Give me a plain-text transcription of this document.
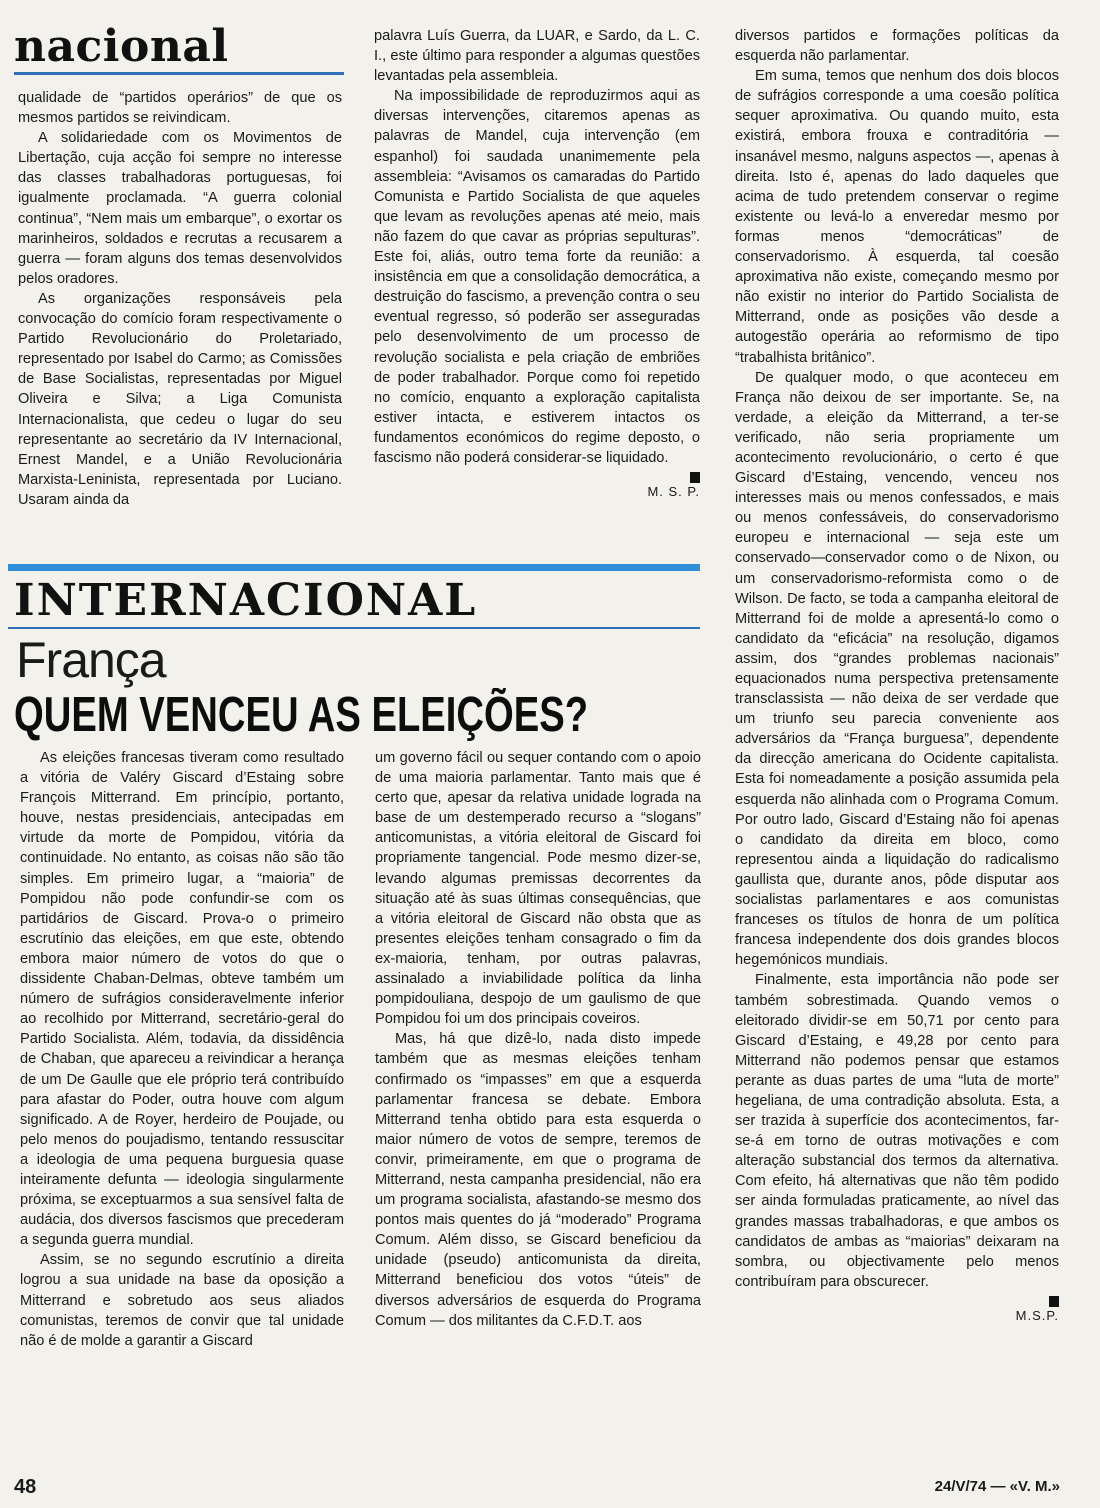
nacional

qualidade de “partidos operários” de que os mesmos partidos se reivindicam.

A solidariedade com os Movimentos de Libertação, cuja acção foi sempre no interesse das classes trabalhadoras portuguesas, foi igualmente proclamada. “A guerra colonial continua”, “Nem mais um embarque”, o exortar os marinheiros, soldados e recrutas a recusarem a guerra — foram alguns dos temas desenvolvidos pelos oradores.

As organizações responsáveis pela convocação do comício foram respectivamente o Partido Revolucionário do Proletariado, representado por Isabel do Carmo; as Comissões de Base Socialistas, representadas por Miguel Oliveira e Silva; a Liga Comunista Internacionalista, que cedeu o lugar do seu representante ao secretário da IV Internacional, Ernest Mandel, e a União Revolucionária Marxista-Leninista, representada por Luciano. Usaram ainda da

palavra Luís Guerra, da LUAR, e Sardo, da L. C. I., este último para responder a algumas questões levantadas pela assembleia.

Na impossibilidade de reproduzirmos aqui as diversas intervenções, citaremos apenas as palavras de Mandel, cuja intervenção (em espanhol) foi saudada unanimemente pela assembleia: “Avisamos os camaradas do Partido Comunista e Partido Socialista de que aqueles que levam as revoluções apenas até meio, mais não fazem do que cavar as próprias sepulturas”. Este foi, aliás, outro tema forte da reunião: a insistência em que a consolidação democrática, a destruição do fascismo, a prevenção contra o seu eventual regresso, só poderão ser asseguradas pelo desenvolvimento de um processo de revolução socialista e pela criação de embriões de poder trabalhador. Porque como foi repetido no comício, enquanto a exploração capitalista estiver intacta, e estiverem intactos os fundamentos económicos do regime deposto, o fascismo não poderá considerar-se liquidado.

M. S. P.
INTERNACIONAL
França
QUEM VENCEU AS ELEIÇÕES?

As eleições francesas tiveram como resultado a vitória de Valéry Giscard d’Estaing sobre François Mitterrand. Em princípio, portanto, houve, nestas presidenciais, antecipadas em virtude da morte de Pompidou, vitória da continuidade. No entanto, as coisas não são tão simples. Em primeiro lugar, a “maioria” de Pompidou não pode confundir-se com os partidários de Giscard. Prova-o o primeiro escrutínio das eleições, em que este, obtendo embora maior número de votos do que o dissidente Chaban-Delmas, obteve também um número de sufrágios consideravelmente inferior ao recolhido por Mitterrand, secretário-geral do Partido Socialista. Além, todavia, da dissidência de Chaban, que apareceu a reivindicar a herança de um De Gaulle que ele próprio terá contribuído para afastar do Poder, outra houve com algum significado. A de Royer, herdeiro de Poujade, ou pelo menos do poujadismo, tentando ressuscitar a ideologia de uma pequena burguesia quase inteiramente defunta — ideologia singularmente próxima, se exceptuarmos a sua sensível falta de audácia, dos diversos fascismos que precederam a segunda guerra mundial.

Assim, se no segundo escrutínio a direita logrou a sua unidade na base da oposição a Mitterrand e sobretudo aos seus aliados comunistas, teremos de convir que tal unidade não é de molde a garantir a Giscard

um governo fácil ou sequer contando com o apoio de uma maioria parlamentar. Tanto mais que é certo que, apesar da relativa unidade lograda na base de um destemperado recurso a “slogans” anticomunistas, a vitória eleitoral de Giscard foi propriamente tangencial. Pode mesmo dizer-se, levando algumas premissas decorrentes da situação até às suas últimas consequências, que a vitória eleitoral de Giscard não obsta que as presentes eleições tenham consagrado o fim da ex-maioria, tenham, por outras palavras, assinalado a inviabilidade política da linha pompidouliana, despojo de um gaulismo de que Pompidou foi um dos principais coveiros.

Mas, há que dizê-lo, nada disto impede também que as mesmas eleições tenham confirmado os “impasses” em que a esquerda parlamentar francesa se debate. Embora Mitterrand tenha obtido para esta esquerda o maior número de votos de sempre, teremos de convir, primeiramente, em que o programa de Mitterrand, nesta campanha presidencial, não era um programa socialista, afastando-se mesmo dos pontos mais quentes do já “moderado” Programa Comum. Além disso, se Giscard beneficiou da unidade (pseudo) anticomunista da direita, Mitterrand beneficiou dos votos “úteis” de diversos adversários de esquerda do Programa Comum — dos militantes da C.F.D.T. aos

diversos partidos e formações políticas da esquerda não parlamentar.

Em suma, temos que nenhum dos dois blocos de sufrágios corresponde a uma coesão política sequer aproximativa. Ou quando muito, esta existirá, embora frouxa e contraditória — insanável mesmo, nalguns aspectos —, apenas à direita. Isto é, apenas do lado daqueles que acima de tudo pretendem conservar o regime existente ou levá-lo a enveredar mesmo por formas menos “democráticas” de conservadorismo. À esquerda, tal coesão aproximativa não existe, começando mesmo por não existir no interior do Partido Socialista de Mitterrand, onde as posições vão desde a autogestão operária ao reformismo de tipo “trabalhista britânico”.

De qualquer modo, o que aconteceu em França não deixou de ser importante. Se, na verdade, a eleição da Mitterrand, a ter-se verificado, não seria propriamente um acontecimento revolucionário, o certo é que Giscard d’Estaing, vencendo, venceu nos interesses mais ou menos confessados, e mais ou menos confessáveis, do conservadorismo europeu e internacional — seja este um conservado—conservador como o de Nixon, ou um conservadorismo-reformista como o de Wilson. De facto, se toda a campanha eleitoral de Mitterrand foi de molde a apresentá-lo como o candidato da “eficácia” na resolução, digamos assim, dos “grandes problemas nacionais” equacionados numa perspectiva pretensamente transclassista — não deixa de ser verdade que um triunfo seu parecia conveniente aos adversários da “França burguesa”, dependente da direcção americana do Ocidente capitalista. Esta foi nomeadamente a posição assumida pela esquerda não alinhada com o Programa Comum. Por outro lado, Giscard d’Estaing não foi apenas o candidato da direita em bloco, como representou ainda a liquidação do radicalismo gaullista que, durante anos, pôde disputar aos socialistas parlamentares e aos comunistas franceses os títulos de honra de um política francesa independente dos dois grandes blocos hegemónicos mundiais.

Finalmente, esta importância não pode ser também sobrestimada. Quando vemos o eleitorado dividir-se em 50,71 por cento para Giscard d’Estaing, e 49,28 por cento para Mitterrand não podemos pensar que estamos perante as duas partes de uma “luta de morte” hegeliana, de uma contradição absoluta. Esta, a ser trazida à superfície dos acontecimentos, far-se-á em torno de outras motivações e com alteração substancial dos termos da alternativa. Com efeito, há alternativas que não têm podido ser ainda formuladas praticamente, ao nível das grandes massas trabalhadoras, e que ambos os candidatos de ambas as “maiorias” deixaram na sombra, ou objectivamente pelo menos contribuíram para obscurecer.

M.S.P.
48	24/V/74 — «V. M.»
